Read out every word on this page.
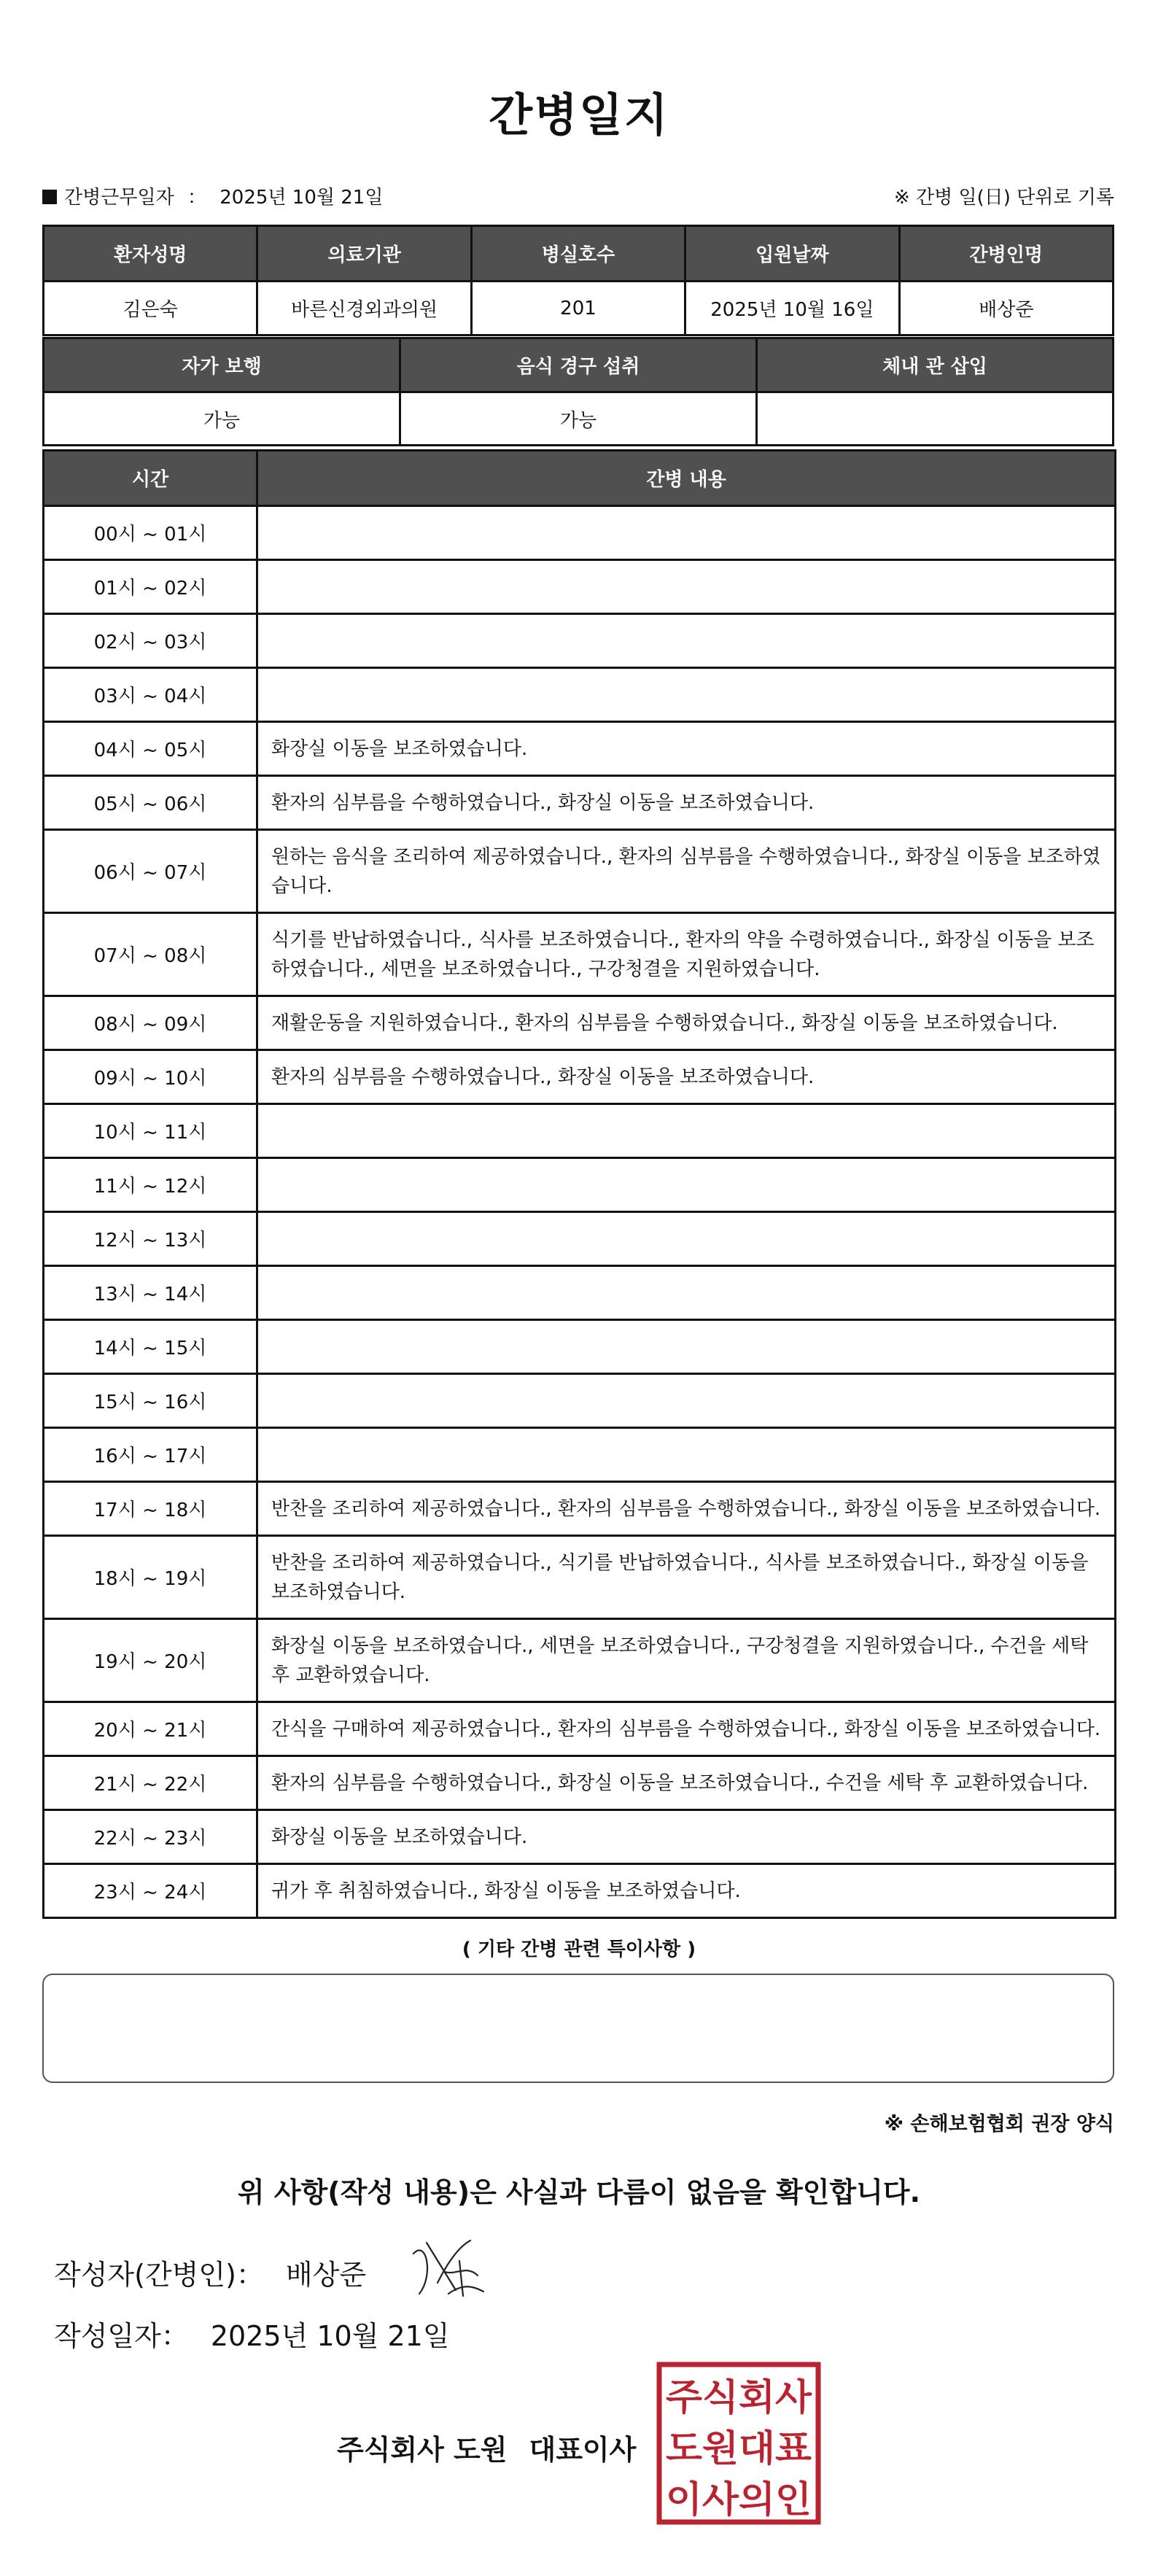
간병일지
간병근무일자 ： 2025년 10월 21일	※ 간병 일(日) 단위로 기록
환자성명	의료기관	병실호수	입원날짜	간병인명
김은숙	바른신경외과의원	201	2025년 10월 16일	배상준
자가 보행	음식 경구 섭취	체내 관 삽입
가능	가능	
시간	간병 내용
00시 ~ 01시	
01시 ~ 02시	
02시 ~ 03시	
03시 ~ 04시	
04시 ~ 05시	화장실 이동을 보조하였습니다.
05시 ~ 06시	환자의 심부름을 수행하였습니다., 화장실 이동을 보조하였습니다.
06시 ~ 07시	원하는 음식을 조리하여 제공하였습니다., 환자의 심부름을 수행하였습니다., 화장실 이동을 보조하였습니다.
07시 ~ 08시	식기를 반납하였습니다., 식사를 보조하였습니다., 환자의 약을 수령하였습니다., 화장실 이동을 보조하였습니다., 세면을 보조하였습니다., 구강청결을 지원하였습니다.
08시 ~ 09시	재활운동을 지원하였습니다., 환자의 심부름을 수행하였습니다., 화장실 이동을 보조하였습니다.
09시 ~ 10시	환자의 심부름을 수행하였습니다., 화장실 이동을 보조하였습니다.
10시 ~ 11시	
11시 ~ 12시	
12시 ~ 13시	
13시 ~ 14시	
14시 ~ 15시	
15시 ~ 16시	
16시 ~ 17시	
17시 ~ 18시	반찬을 조리하여 제공하였습니다., 환자의 심부름을 수행하였습니다., 화장실 이동을 보조하였습니다.
18시 ~ 19시	반찬을 조리하여 제공하였습니다., 식기를 반납하였습니다., 식사를 보조하였습니다., 화장실 이동을 보조하였습니다.
19시 ~ 20시	화장실 이동을 보조하였습니다., 세면을 보조하였습니다., 구강청결을 지원하였습니다., 수건을 세탁 후 교환하였습니다.
20시 ~ 21시	간식을 구매하여 제공하였습니다., 환자의 심부름을 수행하였습니다., 화장실 이동을 보조하였습니다.
21시 ~ 22시	환자의 심부름을 수행하였습니다., 화장실 이동을 보조하였습니다., 수건을 세탁 후 교환하였습니다.
22시 ~ 23시	화장실 이동을 보조하였습니다.
23시 ~ 24시	귀가 후 취침하였습니다., 화장실 이동을 보조하였습니다.
( 기타 간병 관련 특이사항 )
※ 손해보험협회 권장 양식
위 사항(작성 내용)은 사실과 다름이 없음을 확인합니다.
작성자(간병인)： 배상준
작성일자： 2025년 10월 21일
주식회사 도원 대표이사
주식회사
도원대표
이사의인
